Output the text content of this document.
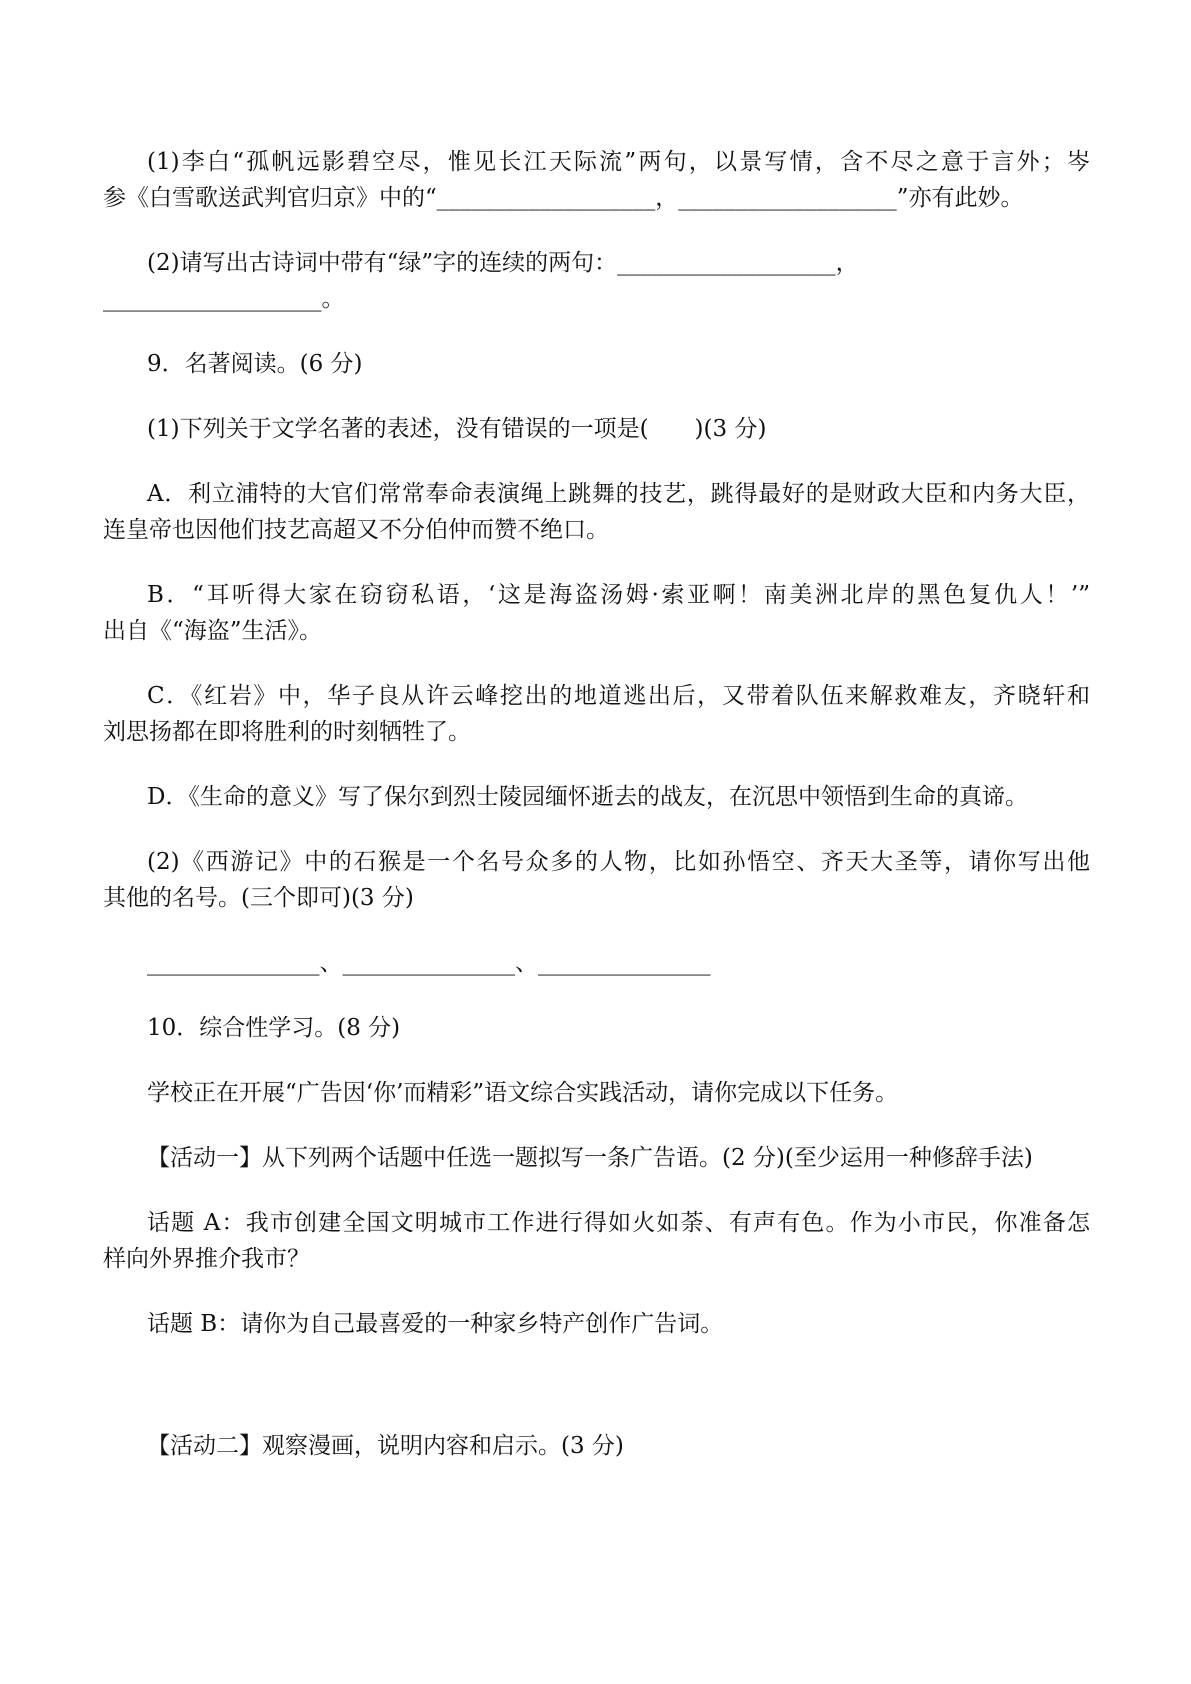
(1)李白“孤帆远影碧空尽，惟见长江天际流”两句，以景写情，含不尽之意于言外；岑
参《白雪歌送武判官归京》中的“___________________，___________________”亦有此妙。
(2)请写出古诗词中带有“绿”字的连续的两句：___________________，
___________________。
9．名著阅读。(6 分)
(1)下列关于文学名著的表述，没有错误的一项是(　　)(3 分)
A．利立浦特的大官们常常奉命表演绳上跳舞的技艺，跳得最好的是财政大臣和内务大臣，
连皇帝也因他们技艺高超又不分伯仲而赞不绝口。
B．“耳听得大家在窃窃私语，‘这是海盗汤姆·索亚啊！南美洲北岸的黑色复仇人！’”
出自《“海盗”生活》。
C．《红岩》中，华子良从许云峰挖出的地道逃出后，又带着队伍来解救难友，齐晓轩和
刘思扬都在即将胜利的时刻牺牲了。
D．《生命的意义》写了保尔到烈士陵园缅怀逝去的战友，在沉思中领悟到生命的真谛。
(2)《西游记》中的石猴是一个名号众多的人物，比如孙悟空、齐天大圣等，请你写出他
其他的名号。(三个即可)(3 分)
_______________、_______________、_______________
10．综合性学习。(8 分)
学校正在开展“广告因‘你’而精彩”语文综合实践活动，请你完成以下任务。
【活动一】从下列两个话题中任选一题拟写一条广告语。(2 分)(至少运用一种修辞手法)
话题 A：我市创建全国文明城市工作进行得如火如荼、有声有色。作为小市民，你准备怎
样向外界推介我市？
话题 B：请你为自己最喜爱的一种家乡特产创作广告词。
【活动二】观察漫画，说明内容和启示。(3 分)
